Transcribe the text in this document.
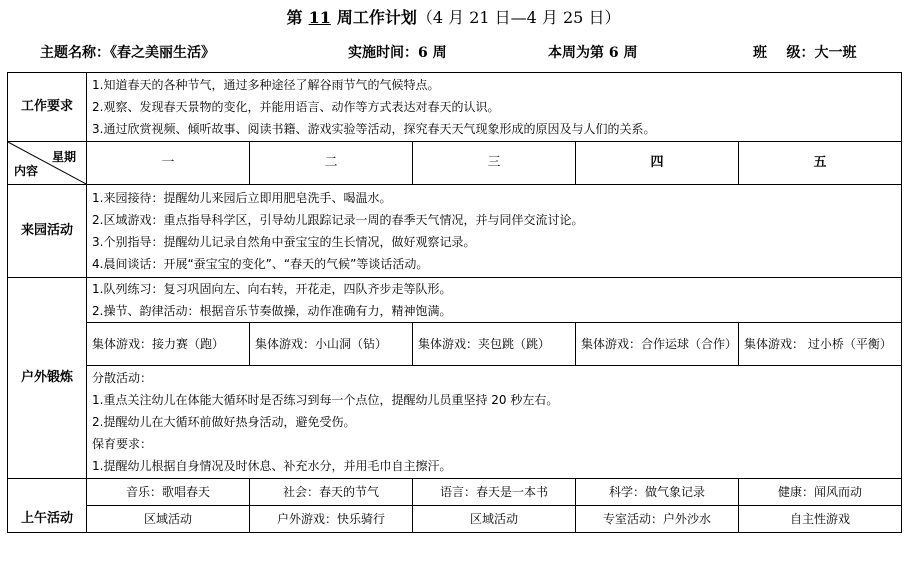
第 11 周工作计划（4 月 21 日—4 月 25 日）
主题名称：《春之美丽生活》	实施时间：6 周	本周为第 6 周	班    级：大一班
工作要求	1.知道春天的各种节气，通过多种途径了解谷雨节气的气候特点。
2.观察、发现春天景物的变化，并能用语言、动作等方式表达对春天的认识。
3.通过欣赏视频、倾听故事、阅读书籍、游戏实验等活动，探究春天天气现象形成的原因及与人们的关系。				

星期
内容	一	二	三	四	五
来园活动	1.来园接待：提醒幼儿来园后立即用肥皂洗手、喝温水。
2.区域游戏：重点指导科学区，引导幼儿跟踪记录一周的春季天气情况，并与同伴交流讨论。
3.个别指导：提醒幼儿记录自然角中蚕宝宝的生长情况，做好观察记录。
4.晨间谈话：开展“蚕宝宝的变化”、“春天的气候”等谈话活动。				

户外锻炼	1.队列练习：复习巩固向左、向右转，开花走，四队齐步走等队形。
2.操节、韵律活动：根据音乐节奏做操，动作准确有力，精神饱满。				

	集体游戏：接力赛（跑）	集体游戏：小山洞（钻）	集体游戏：夹包跳（跳）	集体游戏：合作运球（合作）	集体游戏： 过小桥（平衡）

	分散活动：
1.重点关注幼儿在体能大循环时是否练习到每一个点位，提醒幼儿员重坚持 20 秒左右。
2.提醒幼儿在大循环前做好热身活动，避免受伤。
保育要求：
1.提醒幼儿根据自身情况及时休息、补充水分，并用毛巾自主擦汗。				

上午活动	音乐：歌唱春天	社会：春天的节气	语言：春天是一本书	科学：做气象记录	健康：闻风而动
	区域活动	户外游戏：快乐骑行	区域活动	专室活动：户外沙水	自主性游戏
